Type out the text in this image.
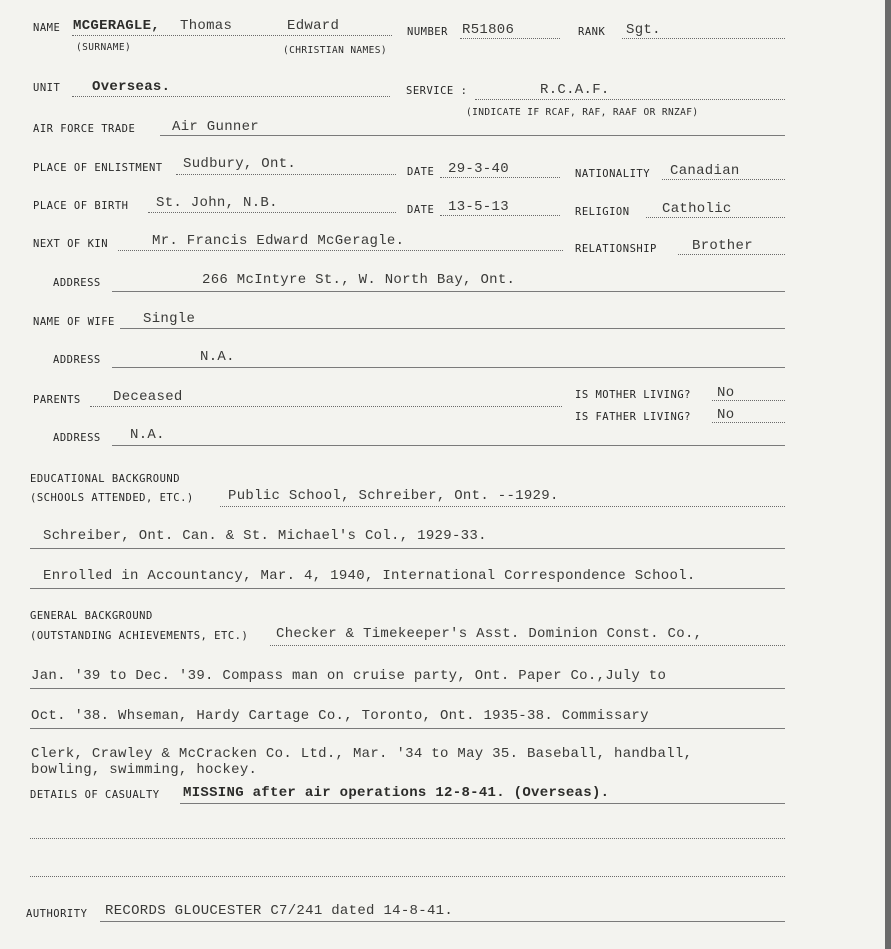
NAME MCGERAGLE, Thomas	Edward	NUMBER R51806	RANK Sgt.
(SURNAME)	(CHRISTIAN NAMES)
UNIT Overseas.	SERVICE :	R.C.A.F.
(INDICATE IF RCAF, RAF, RAAF OR RNZAF)
AIR FORCE TRADE	Air Gunner
PLACE OF ENLISTMENT Sudbury, Ont.	DATE 29-3-40	NATIONALITY Canadian
PLACE OF BIRTH St. John, N.B.	DATE 13-5-13	RELIGION Catholic
NEXT OF KIN	Mr. Francis Edward McGeragle.	RELATIONSHIP	Brother
ADDRESS	266 McIntyre St., W. North Bay, Ont.
NAME OF WIFE Single
ADDRESS	N.A.
PARENTS Deceased	IS MOTHER LIVING? No
IS FATHER LIVING? No
ADDRESS N.A.
EDUCATIONAL BACKGROUND
(SCHOOLS ATTENDED, ETC.) Public School, Schreiber, Ont. --1929.
Schreiber, Ont. Can. & St. Michael's Col., 1929-33.
Enrolled in Accountancy, Mar. 4, 1940, International Correspondence School.
GENERAL BACKGROUND
(OUTSTANDING ACHIEVEMENTS, ETC.) Checker & Timekeeper's Asst. Dominion Const. Co.,
Jan. '39 to Dec. '39. Compass man on cruise party, Ont. Paper Co.,July to
Oct. '38. Whseman, Hardy Cartage Co., Toronto, Ont. 1935-38. Commissary
Clerk, Crawley & McCracken Co. Ltd., Mar. '34 to May 35. Baseball, handball,
bowling, swimming, hockey.
DETAILS OF CASUALTY MISSING after air operations 12-8-41. (Overseas).
AUTHORITY RECORDS GLOUCESTER C7/241 dated 14-8-41.
